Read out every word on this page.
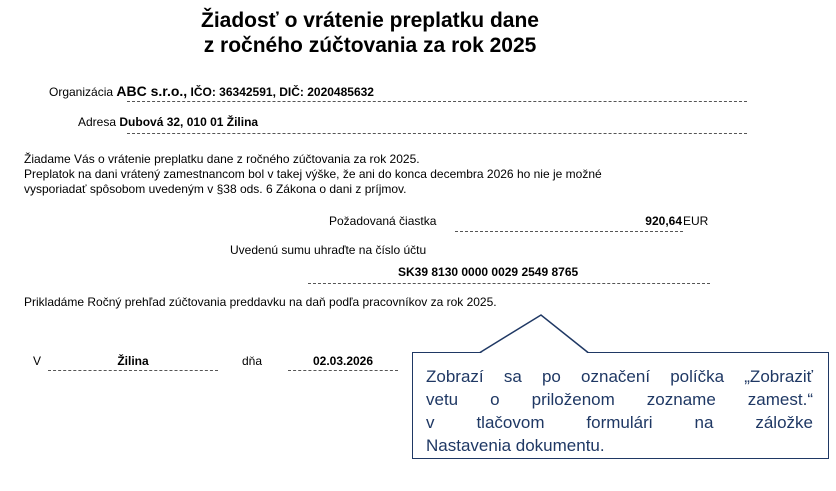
Žiadosť o vrátenie preplatku dane
z ročného zúčtovania za rok 2025
Organizácia ABC s.r.o., IČO: 36342591, DIČ: 2020485632
Adresa Dubová 32, 010 01 Žilina
Žiadame Vás o vrátenie preplatku dane z ročného zúčtovania za rok 2025.
Preplatok na dani vrátený zamestnancom bol v takej výške, že ani do konca decembra 2026 ho nie je možné
vysporiadať spôsobom uvedeným v §38 ods. 6 Zákona o dani z príjmov.
Požadovaná čiastka	920,64 EUR
Uvedenú sumu uhraďte na číslo účtu
SK39 8130 0000 0029 2549 8765
Prikladáme Ročný prehľad zúčtovania preddavku na daň podľa pracovníkov za rok 2025.
V	Žilina	dňa	02.03.2026
Zobrazí sa po označení políčka „Zobraziť
vetu o priloženom zozname zamest.“
v tlačovom formulári na záložke
Nastavenia dokumentu.
